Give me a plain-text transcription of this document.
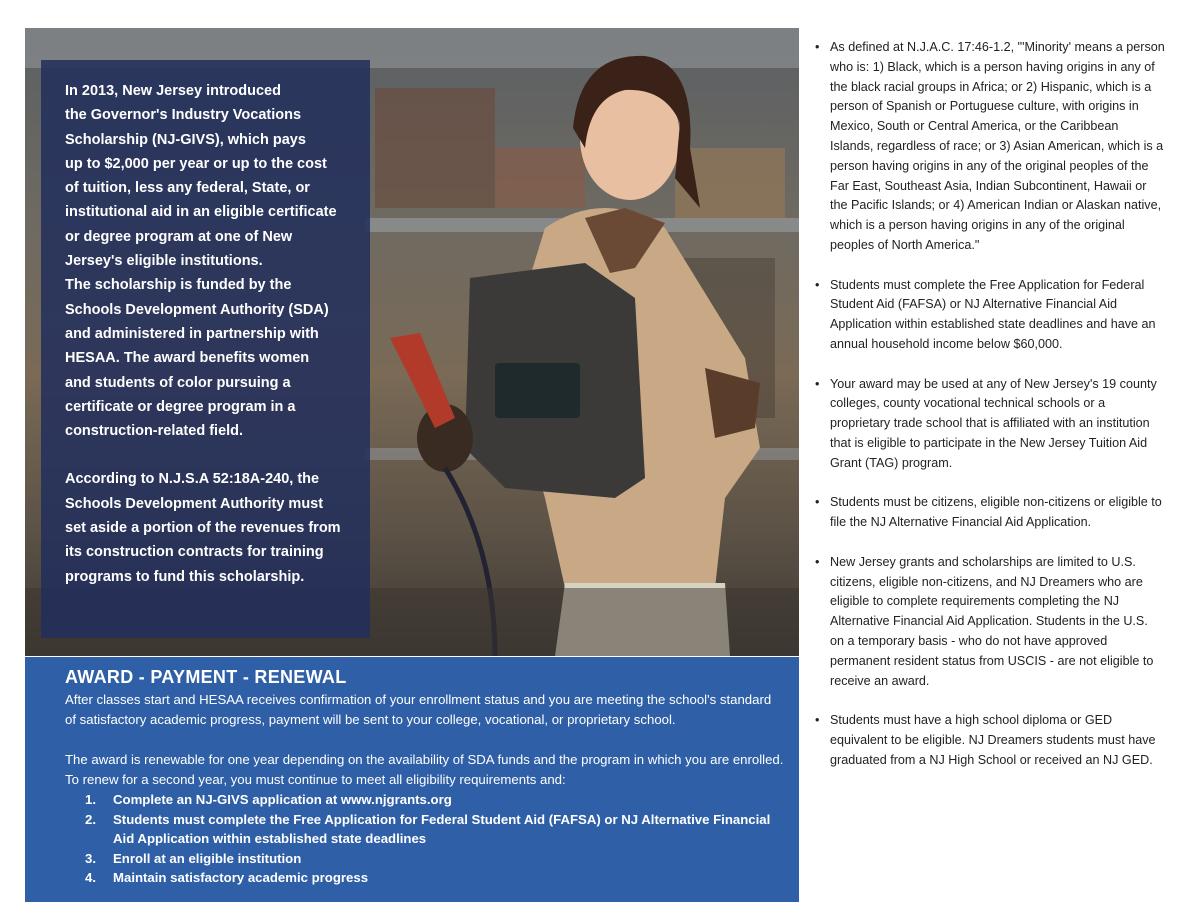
In 2013, New Jersey introduced
the Governor's Industry Vocations
Scholarship (NJ-GIVS), which pays
up to $2,000 per year or up to the cost
of tuition, less any federal, State, or
institutional aid in an eligible certificate
or degree program at one of New
Jersey's eligible institutions.
The scholarship is funded by the
Schools Development Authority (SDA)
and administered in partnership with
HESAA. The award benefits women
and students of color pursuing a
certificate or degree program in a
construction-related field.

According to N.J.S.A 52:18A-240, the
Schools Development Authority must
set aside a portion of the revenues from
its construction contracts for training
programs to fund this scholarship.

AWARD - PAYMENT - RENEWAL

After classes start and HESAA receives confirmation of your enrollment status and you are meeting the school's standard of satisfactory academic progress, payment will be sent to your college, vocational, or proprietary school.

The award is renewable for one year depending on the availability of SDA funds and the program in which you are enrolled. To renew for a second year, you must continue to meet all eligibility requirements and:

1. Complete an NJ-GIVS application at www.njgrants.org
2. Students must complete the Free Application for Federal Student Aid (FAFSA) or NJ Alternative Financial Aid Application within established state deadlines
3. Enroll at an eligible institution
4. Maintain satisfactory academic progress
• As defined at N.J.A.C. 17:46-1.2, "'Minority' means a person who is: 1) Black, which is a person having origins in any of the black racial groups in Africa; or 2) Hispanic, which is a person of Spanish or Portuguese culture, with origins in Mexico, South or Central America, or the Caribbean Islands, regardless of race; or 3) Asian American, which is a person having origins in any of the original peoples of the Far East, Southeast Asia, Indian Subcontinent, Hawaii or the Pacific Islands; or 4) American Indian or Alaskan native, which is a person having origins in any of the original peoples of North America."
• Students must complete the Free Application for Federal Student Aid (FAFSA) or NJ Alternative Financial Aid Application within established state deadlines and have an annual household income below $60,000.
• Your award may be used at any of New Jersey's 19 county colleges, county vocational technical schools or a proprietary trade school that is affiliated with an institution that is eligible to participate in the New Jersey Tuition Aid Grant (TAG) program.
• Students must be citizens, eligible non-citizens or eligible to file the NJ Alternative Financial Aid Application.
• New Jersey grants and scholarships are limited to U.S. citizens, eligible non-citizens, and NJ Dreamers who are eligible to complete requirements completing the NJ Alternative Financial Aid Application. Students in the U.S. on a temporary basis - who do not have approved permanent resident status from USCIS - are not eligible to receive an award.
• Students must have a high school diploma or GED equivalent to be eligible. NJ Dreamers students must have graduated from a NJ High School or received an NJ GED.
